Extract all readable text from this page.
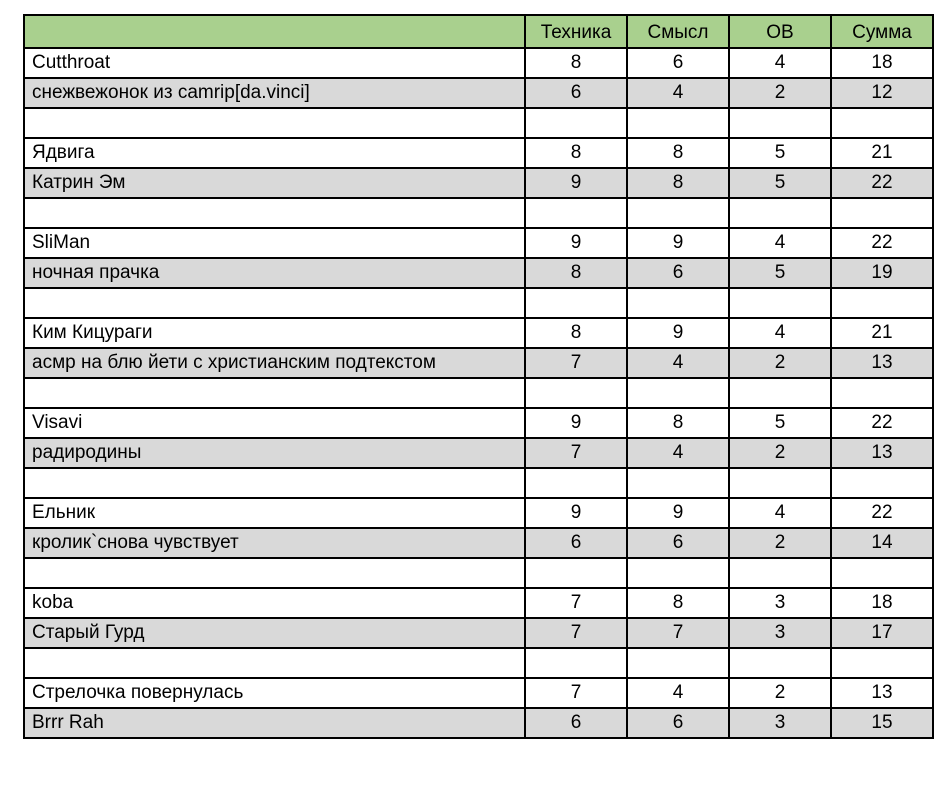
	Техника	Смысл	ОВ	Сумма
Cutthroat	8	6	4	18
снежвежонок из camrip[da.vinci]	6	4	2	12

Ядвига	8	8	5	21
Катрин Эм	9	8	5	22

SliMan	9	9	4	22
ночная прачка	8	6	5	19

Ким Кицураги	8	9	4	21
асмр на блю йети с христианским подтекстом	7	4	2	13

Visavi	9	8	5	22
радиродины	7	4	2	13

Ельник	9	9	4	22
кролик`снова чувствует	6	6	2	14

koba	7	8	3	18
Старый Гурд	7	7	3	17

Стрелочка повернулась	7	4	2	13
Brrr Rah	6	6	3	15
